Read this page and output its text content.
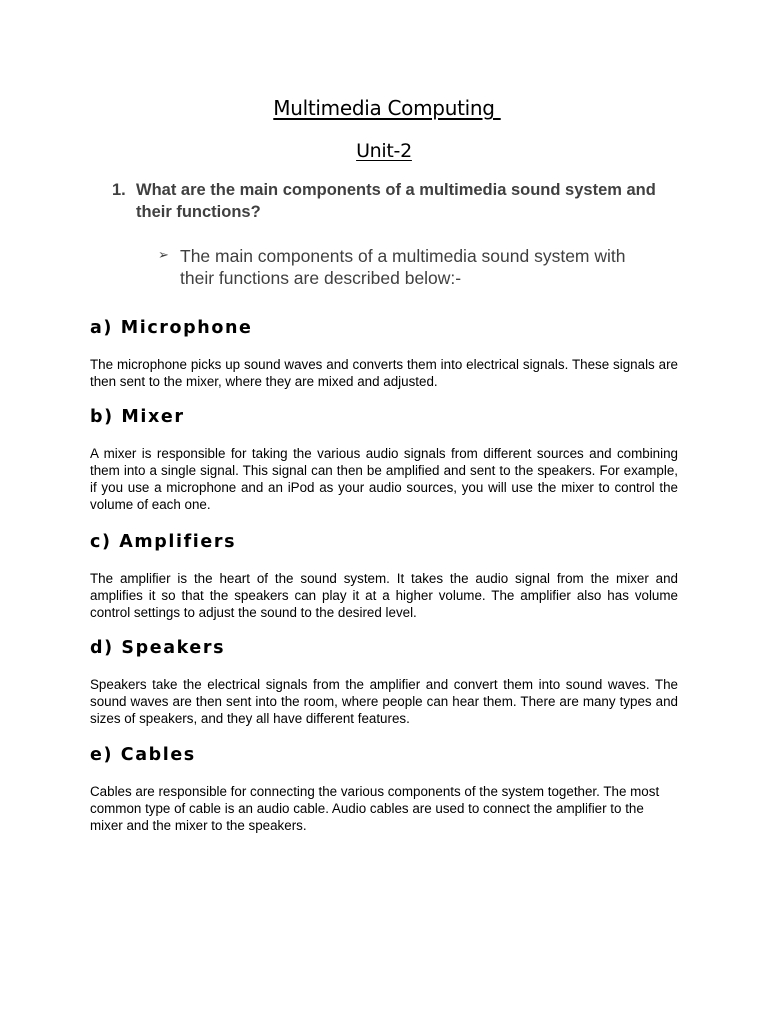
Multimedia Computing
Unit-2
1. What are the main components of a multimedia sound system and their functions?
➢ The main components of a multimedia sound system with their functions are described below:-
a) Microphone

The microphone picks up sound waves and converts them into electrical signals. These signals are then sent to the mixer, where they are mixed and adjusted.

b) Mixer

A mixer is responsible for taking the various audio signals from different sources and combining them into a single signal. This signal can then be amplified and sent to the speakers. For example, if you use a microphone and an iPod as your audio sources, you will use the mixer to control the volume of each one.

c) Amplifiers

The amplifier is the heart of the sound system. It takes the audio signal from the mixer and amplifies it so that the speakers can play it at a higher volume. The amplifier also has volume control settings to adjust the sound to the desired level.

d) Speakers

Speakers take the electrical signals from the amplifier and convert them into sound waves. The sound waves are then sent into the room, where people can hear them. There are many types and sizes of speakers, and they all have different features.

e) Cables

Cables are responsible for connecting the various components of the system together. The most common type of cable is an audio cable. Audio cables are used to connect the amplifier to the mixer and the mixer to the speakers.
